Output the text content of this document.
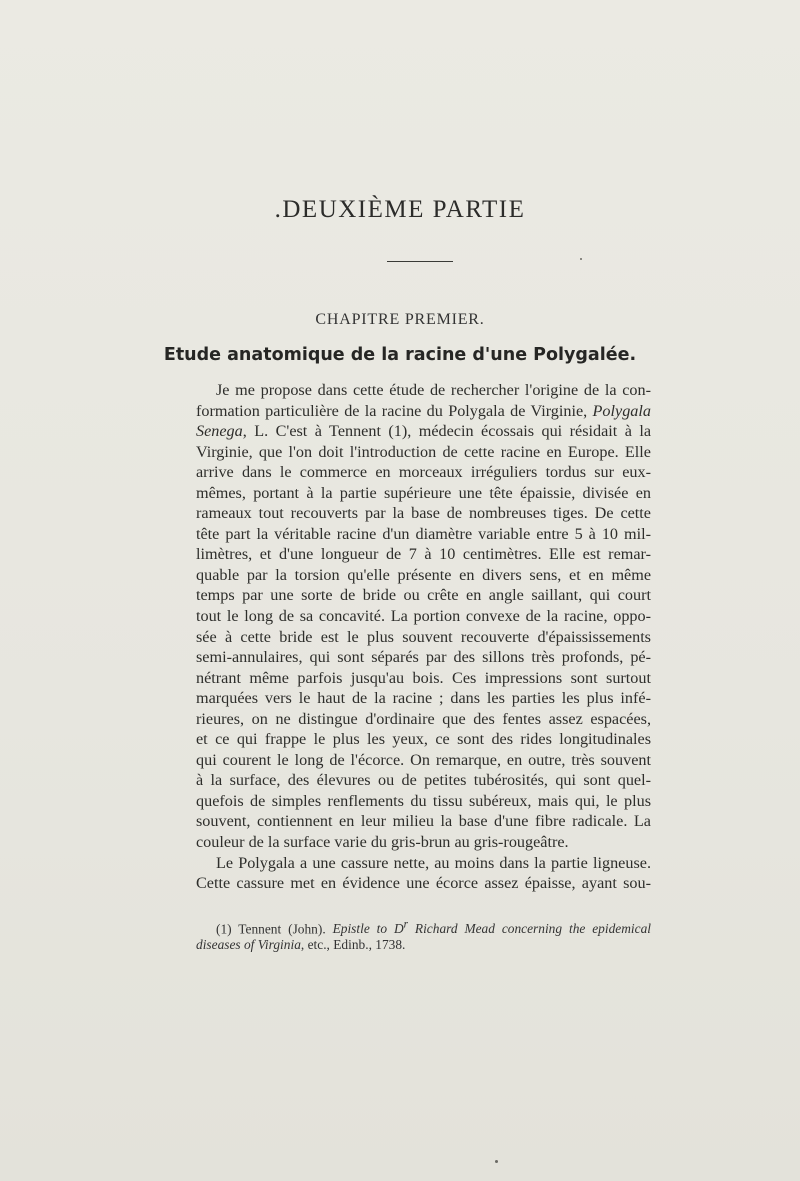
.DEUXIÈME PARTIE
CHAPITRE PREMIER.
Etude anatomique de la racine d'une Polygalée.
Je me propose dans cette étude de rechercher l'origine de la con-
formation particulière de la racine du Polygala de Virginie, Polygala
Senega, L. C'est à Tennent (1), médecin écossais qui résidait à la
Virginie, que l'on doit l'introduction de cette racine en Europe. Elle
arrive dans le commerce en morceaux irréguliers tordus sur eux-
mêmes, portant à la partie supérieure une tête épaissie, divisée en
rameaux tout recouverts par la base de nombreuses tiges. De cette
tête part la véritable racine d'un diamètre variable entre 5 à 10 mil-
limètres, et d'une longueur de 7 à 10 centimètres. Elle est remar-
quable par la torsion qu'elle présente en divers sens, et en même
temps par une sorte de bride ou crête en angle saillant, qui court
tout le long de sa concavité. La portion convexe de la racine, oppo-
sée à cette bride est le plus souvent recouverte d'épaississements
semi-annulaires, qui sont séparés par des sillons très profonds, pé-
nétrant même parfois jusqu'au bois. Ces impressions sont surtout
marquées vers le haut de la racine ; dans les parties les plus infé-
rieures, on ne distingue d'ordinaire que des fentes assez espacées,
et ce qui frappe le plus les yeux, ce sont des rides longitudinales
qui courent le long de l'écorce. On remarque, en outre, très souvent
à la surface, des élevures ou de petites tubérosités, qui sont quel-
quefois de simples renflements du tissu subéreux, mais qui, le plus
souvent, contiennent en leur milieu la base d'une fibre radicale. La
couleur de la surface varie du gris-brun au gris-rougeâtre.
Le Polygala a une cassure nette, au moins dans la partie ligneuse.
Cette cassure met en évidence une écorce assez épaisse, ayant sou-
(1) Tennent (John). Epistle to $D^r$ Richard Mead concerning the epidemical
diseases of Virginia, etc., Edinb., 1738.
